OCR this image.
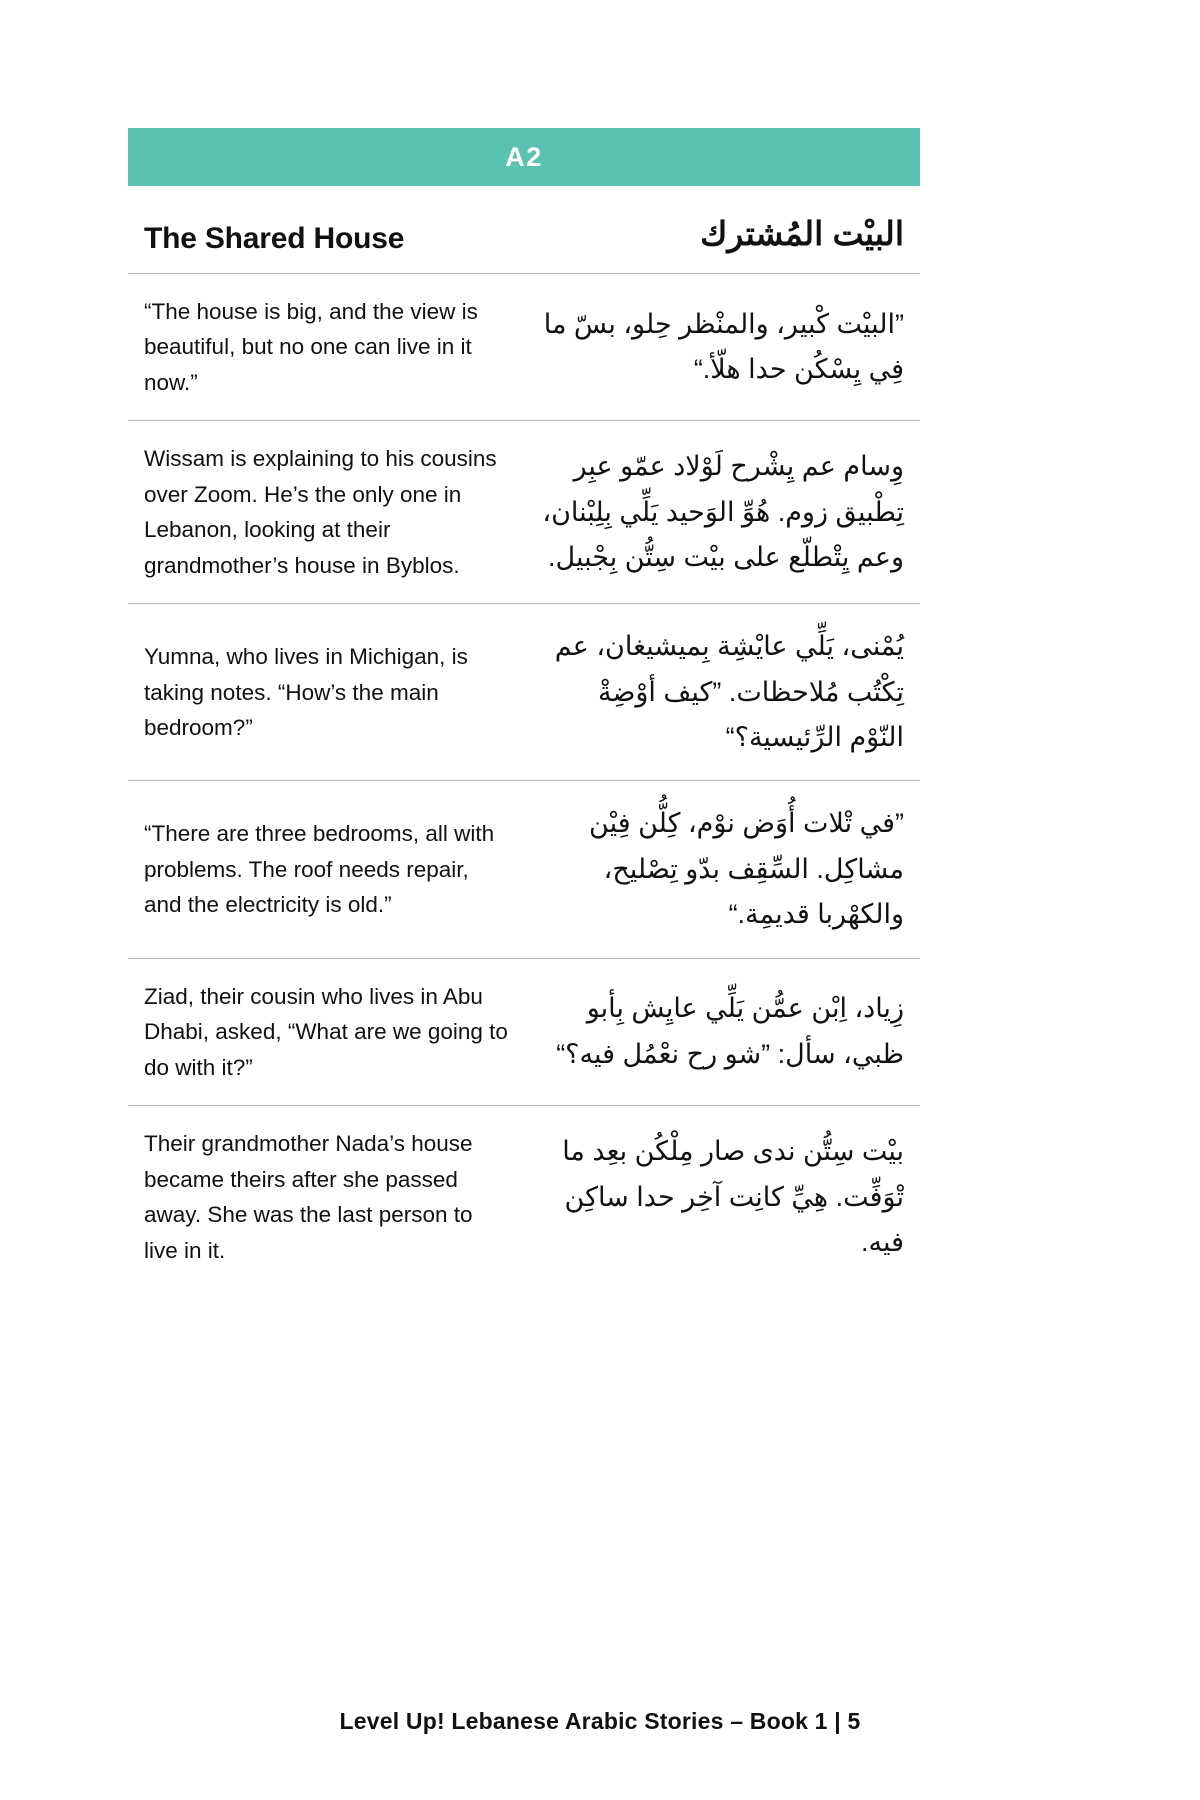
A2
The Shared House	البيْت المُشترك
“The house is big, and the view is beautiful, but no one can live in it now.”	”البيْت كْبير، والمنْظر حِلو، بسّ ما فِي يِسْكُن حدا هلّأ.“
Wissam is explaining to his cousins over Zoom. He’s the only one in Lebanon, looking at their grandmother’s house in Byblos.	وِسام عم يِشْرح لَوْلاد عمّو عبِر تِطْبيق زوم. هُوِّ الوَحيد يَلِّي بِلِبْنان، وعم يِتْطلّع على بيْت سِتُّن بِجْبيل.
Yumna, who lives in Michigan, is taking notes. “How’s the main bedroom?”	يُمْنى، يَلِّي عايْشِة بِميشيغان، عم تِكْتُب مُلاحظات. ”كيف أوْضِةْ النّوْم الرِّئيسية؟“
“There are three bedrooms, all with problems. The roof needs repair, and the electricity is old.”	”في تْلات أُوَض نوْم، كِلُّن فِيْن مشاكِل. السِّقِف بدّو تِصْليح، والكهْربا قديمِة.“
Ziad, their cousin who lives in Abu Dhabi, asked, “What are we going to do with it?”	زِياد، اِبْن عمُّن يَلِّي عايِش بِأبو ظبي، سأل: ”شو رح نعْمُل فيه؟“
Their grandmother Nada’s house became theirs after she passed away. She was the last person to live in it.	بيْت سِتُّن ندى صار مِلْكُن بعِد ما تْوَفِّت. هِيِّ كانِت آخِر حدا ساكِن فيه.
Level Up! Lebanese Arabic Stories – Book 1 | 5
